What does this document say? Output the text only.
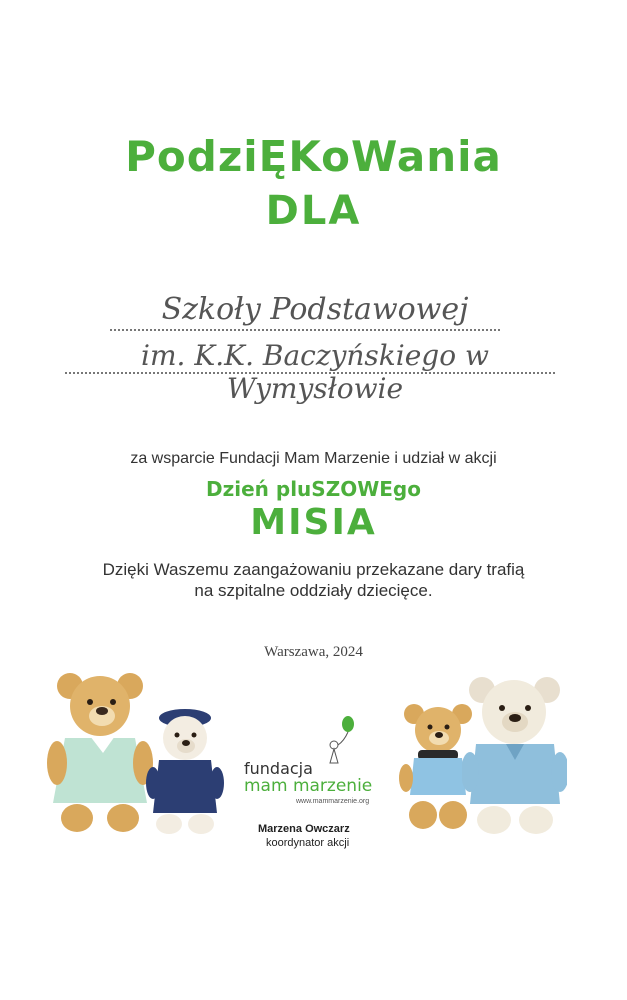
PodziĘKoWania
DLA
Szkoły Podstawowej
im. K.K. Baczyńskiego w Wymysłowie
za wsparcie Fundacji Mam Marzenie i udział w akcji
Dzień pluSZOWEgo
MISIA
Dzięki Waszemu zaangażowaniu przekazane dary trafią
na szpitalne oddziały dziecięce.
Warszawa, 2024
fundacja
mam marzenie
www.mammarzenie.org
Marzena Owczarz
koordynator akcji
